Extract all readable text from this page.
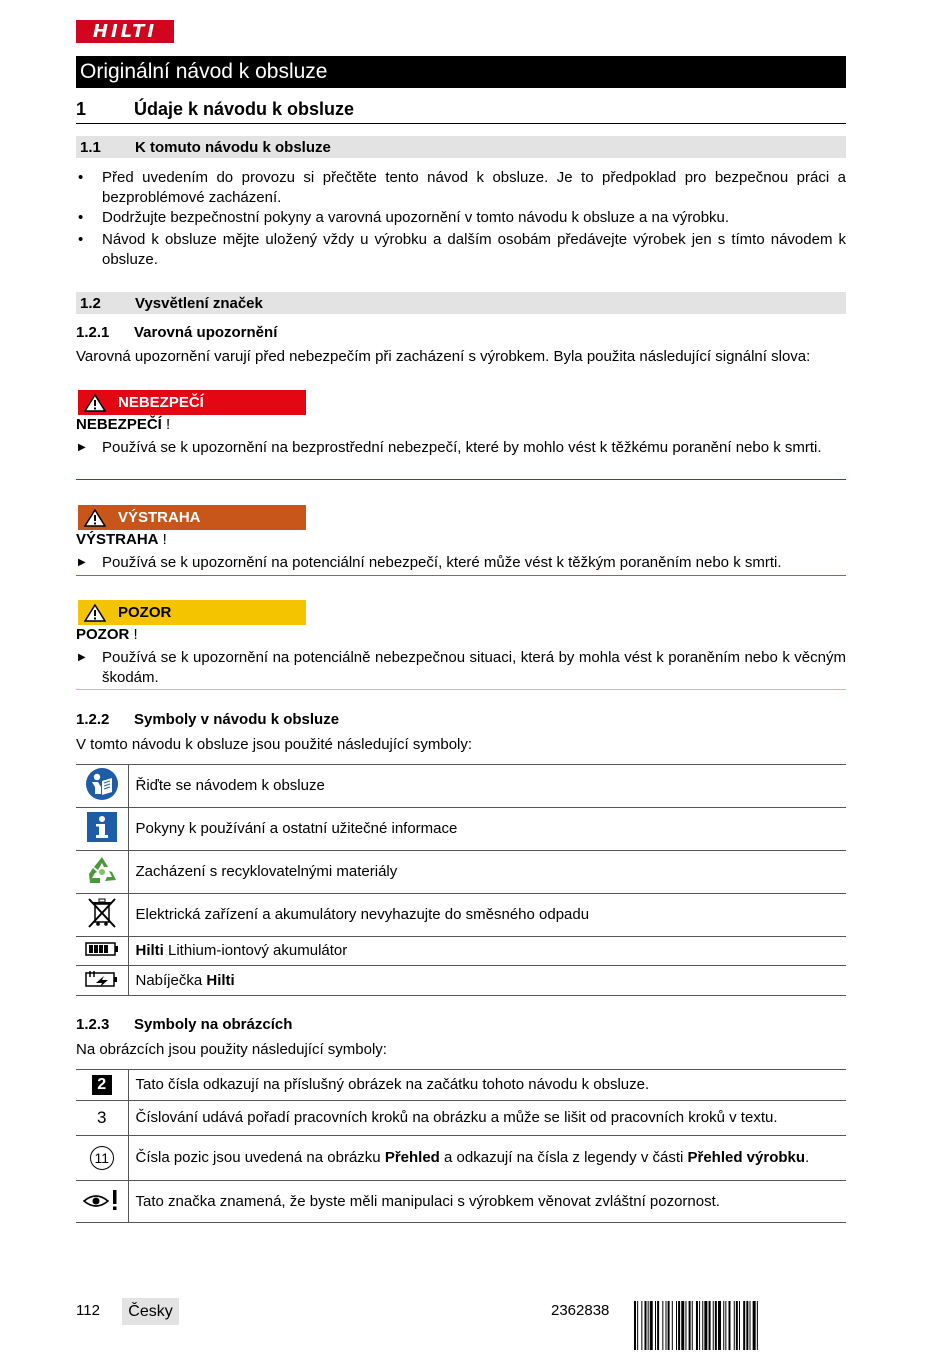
HILTI
Originální návod k obsluze
1	Údaje k návodu k obsluze
1.1	K tomuto návodu k obsluze
• Před uvedením do provozu si přečtěte tento návod k obsluze. Je to předpoklad pro bezpečnou práci a bezproblémové zacházení.
• Dodržujte bezpečnostní pokyny a varovná upozornění v tomto návodu k obsluze a na výrobku.
• Návod k obsluze mějte uložený vždy u výrobku a dalším osobám předávejte výrobek jen s tímto návodem k obsluze.
1.2	Vysvětlení značek
1.2.1	Varovná upozornění
Varovná upozornění varují před nebezpečím při zacházení s výrobkem. Byla použita následující signální slova:
NEBEZPEČÍ
NEBEZPEČÍ !
▶ Používá se k upozornění na bezprostřední nebezpečí, které by mohlo vést k těžkému poranění nebo k smrti.
VÝSTRAHA
VÝSTRAHA !
▶ Používá se k upozornění na potenciální nebezpečí, které může vést k těžkým poraněním nebo k smrti.
POZOR
POZOR !
▶ Používá se k upozornění na potenciálně nebezpečnou situaci, která by mohla vést k poraněním nebo k věcným škodám.
1.2.2	Symboly v návodu k obsluze
V tomto návodu k obsluze jsou použité následující symboly:
	Řiďte se návodem k obsluze
	Pokyny k používání a ostatní užitečné informace
	Zacházení s recyklovatelnými materiály
	Elektrická zařízení a akumulátory nevyhazujte do směsného odpadu
	Hilti Lithium-iontový akumulátor
	Nabíječka Hilti
1.2.3	Symboly na obrázcích
Na obrázcích jsou použity následující symboly:
2	Tato čísla odkazují na příslušný obrázek na začátku tohoto návodu k obsluze.
3	Číslování udává pořadí pracovních kroků na obrázku a může se lišit od pracovních kroků v textu.
11	Čísla pozic jsou uvedená na obrázku Přehled a odkazují na čísla z legendy v části Přehled výrobku.
	Tato značka znamená, že byste měli manipulaci s výrobkem věnovat zvláštní pozornost.
112	Česky	2362838
